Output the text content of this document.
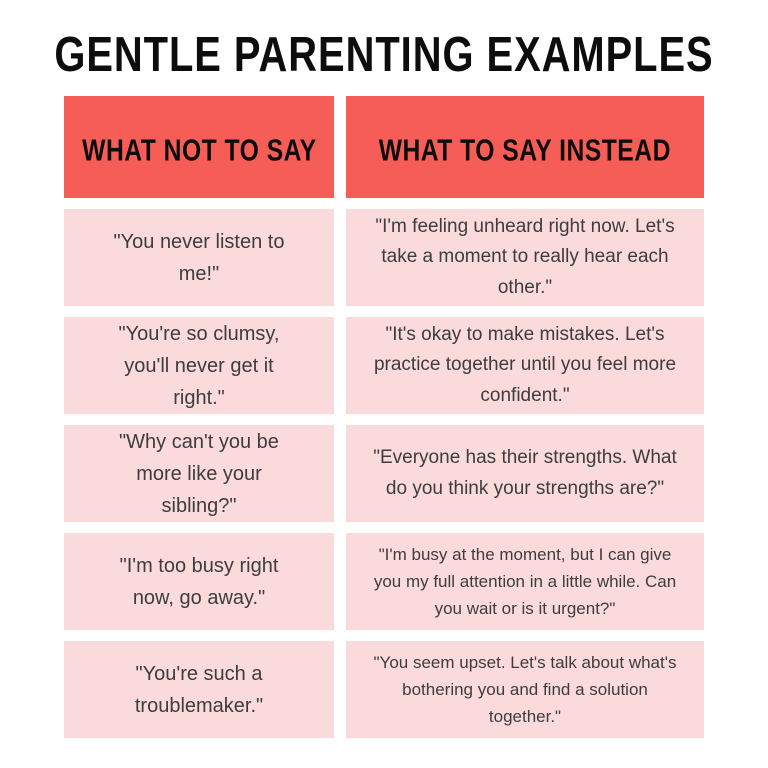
GENTLE PARENTING EXAMPLES
WHAT NOT TO SAY WHAT TO SAY INSTEAD
"You never listen to me!"
"I'm feeling unheard right now. Let's take a moment to really hear each other."
"You're so clumsy, you'll never get it right."
"It's okay to make mistakes. Let's practice together until you feel more confident."
"Why can't you be more like your sibling?"
"Everyone has their strengths. What do you think your strengths are?"
"I'm too busy right now, go away."
"I'm busy at the moment, but I can give you my full attention in a little while. Can you wait or is it urgent?"
"You're such a troublemaker."
"You seem upset. Let's talk about what's bothering you and find a solution together."
